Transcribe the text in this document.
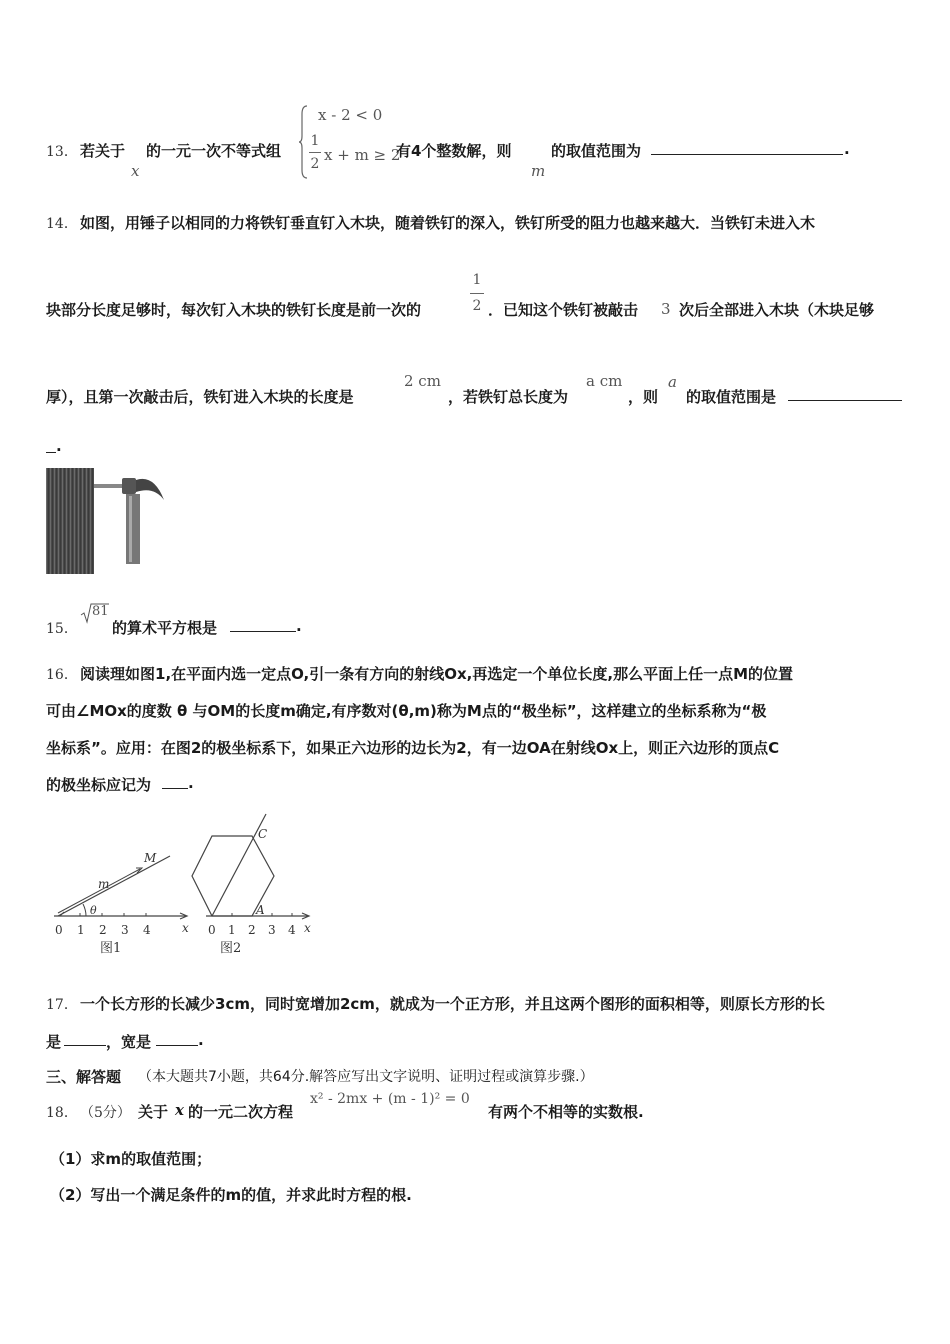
13． 若关于
x
的一元一次不等式组
x - 2 < 0
1
2 x + m ≥ 2
有4个整数解，则
m
的取值范围为	.
14． 如图，用锤子以相同的力将铁钉垂直钉入木块，随着铁钉的深入，铁钉所受的阻力也越来越大．当铁钉未进入木
块部分长度足够时，每次钉入木块的铁钉长度是前一次的
1
2 ．已知这个铁钉被敲击 3 次后全部进入木块（木块足够
厚），且第一次敲击后，铁钉进入木块的长度是
2 cm
，若铁钉总长度为
a cm
，则
a
的取值范围是
.
15．
81
的算术平方根是	.
16． 阅读理如图1,在平面内选一定点O,引一条有方向的射线Ox,再选定一个单位长度,那么平面上任一点M的位置
可由∠MOx的度数 θ 与OM的长度m确定,有序数对(θ,m)称为M点的“极坐标”，这样建立的坐标系称为“极
坐标系”。应用：在图2的极坐标系下，如果正六边形的边长为2，有一边OA在射线Ox上，则正六边形的顶点C
的极坐标应记为 .
M
m
θ
x
0 1 2 3 4
图1
C
A
x
0 1 2 3 4
图2
17． 一个长方形的长减少3cm，同时宽增加2cm，就成为一个正方形，并且这两个图形的面积相等，则原长方形的长
是	，宽是	.
三、解答题 （本大题共7小题，共64分.解答应写出文字说明、证明过程或演算步骤.）
18． （5分） 关于 x 的一元二次方程
x² - 2mx + (m - 1)² = 0
有两个不相等的实数根.
（1）求m的取值范围；
（2）写出一个满足条件的m的值，并求此时方程的根.
